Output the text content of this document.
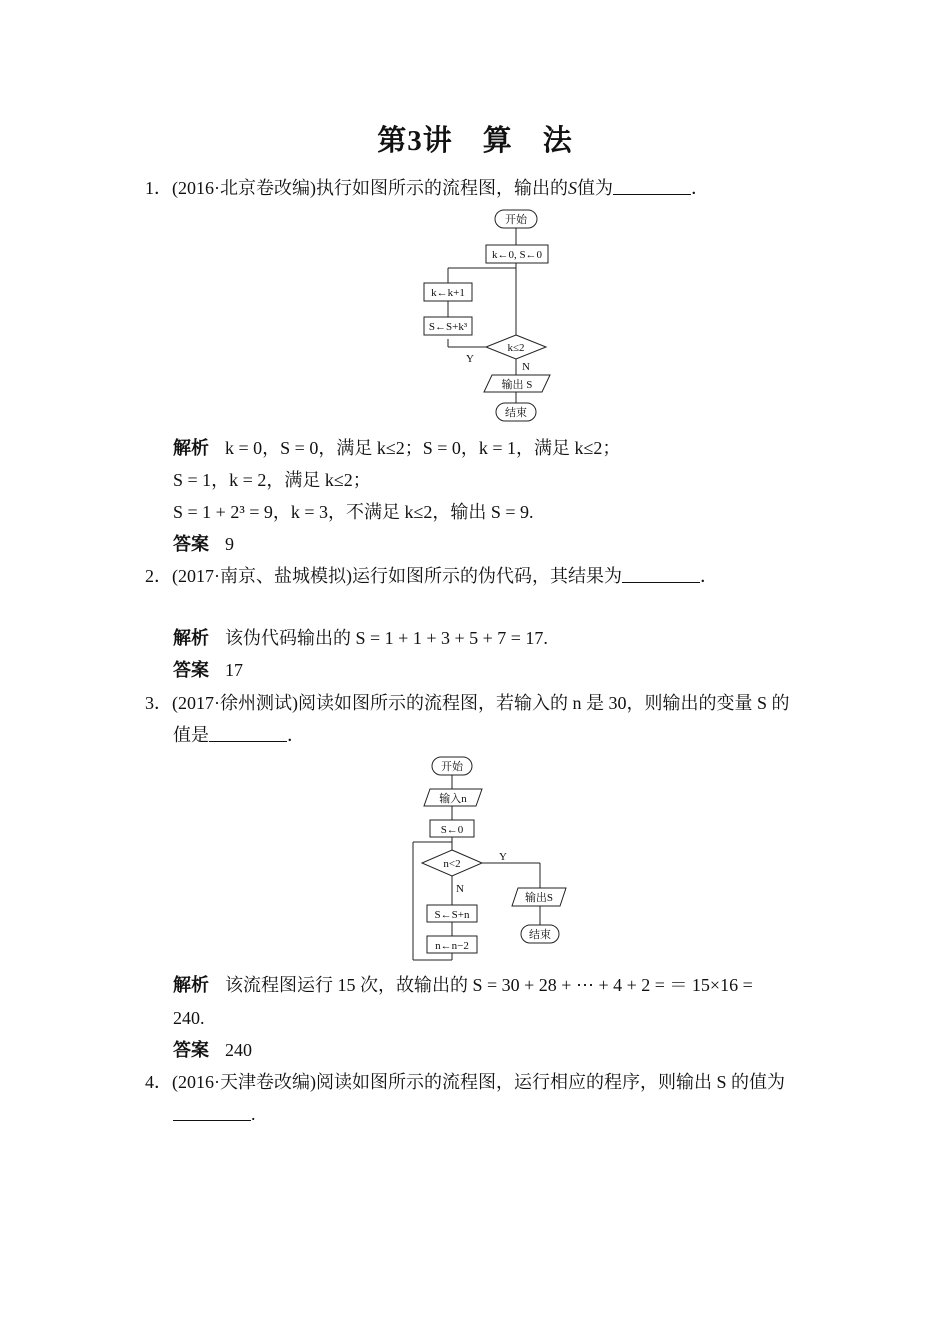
第3讲　算　法
1．(2016·北京卷改编)执行如图所示的流程图，输出的S值为	．
开始
k←0, S←0
k≤2
Y
S←S+k³
k←k+1
N
输出 S
结束
解析 k = 0，S = 0，满足 k≤2；S = 0，k = 1，满足 k≤2；
S = 1，k = 2，满足 k≤2；
S = 1 + 2³ = 9，k = 3，不满足 k≤2，输出 S = 9.
答案 9
2．(2017·南京、盐城模拟)运行如图所示的伪代码，其结果为	．
解析 该伪代码输出的 S = 1 + 1 + 3 + 5 + 7 = 17.
答案 17
3．(2017·徐州测试)阅读如图所示的流程图，若输入的 n 是 30，则输出的变量 S 的
值是	．
开始
输入n
S←0
n<2
Y
输出S
结束
N
S←S+n
n←n−2
解析 该流程图运行 15 次，故输出的 S = 30 + 28 + ⋯ + 4 + 2 = ＝ 15×16 =
240.
答案 240
4．(2016·天津卷改编)阅读如图所示的流程图，运行相应的程序，则输出 S 的值为
.
